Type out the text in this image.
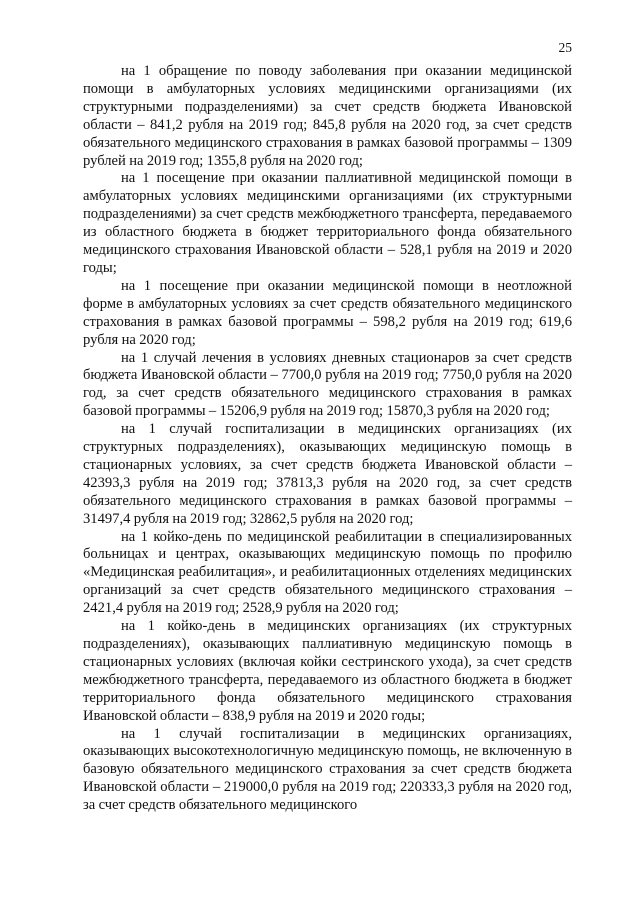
25

на 1 обращение по поводу заболевания при оказании медицинской помощи в амбулаторных условиях медицинскими организациями (их структурными подразделениями) за счет средств бюджета Ивановской области – 841,2 рубля на 2019 год; 845,8 рубля на 2020 год, за счет средств обязательного медицинского страхования в рамках базовой программы – 1309 рублей на 2019 год; 1355,8 рубля на 2020 год;

на 1 посещение при оказании паллиативной медицинской помощи в амбулаторных условиях медицинскими организациями (их структурными подразделениями) за счет средств межбюджетного трансферта, передаваемого из областного бюджета в бюджет территориального фонда обязательного медицинского страхования Ивановской области – 528,1 рубля на 2019 и 2020 годы;

на 1 посещение при оказании медицинской помощи в неотложной форме в амбулаторных условиях за счет средств обязательного медицинского страхования в рамках базовой программы – 598,2 рубля на 2019 год; 619,6 рубля на 2020 год;

на 1 случай лечения в условиях дневных стационаров за счет средств бюджета Ивановской области – 7700,0 рубля на 2019 год; 7750,0 рубля на 2020 год, за счет средств обязательного медицинского страхования в рамках базовой программы – 15206,9 рубля на 2019 год; 15870,3 рубля на 2020 год;

на 1 случай госпитализации в медицинских организациях (их структурных подразделениях), оказывающих медицинскую помощь в стационарных условиях, за счет средств бюджета Ивановской области – 42393,3 рубля на 2019 год; 37813,3 рубля на 2020 год, за счет средств обязательного медицинского страхования в рамках базовой программы – 31497,4 рубля на 2019 год; 32862,5 рубля на 2020 год;

на 1 койко-день по медицинской реабилитации в специализированных больницах и центрах, оказывающих медицинскую помощь по профилю «Медицинская реабилитация», и реабилитационных отделениях медицинских организаций за счет средств обязательного медицинского страхования – 2421,4 рубля на 2019 год; 2528,9 рубля на 2020 год;

на 1 койко-день в медицинских организациях (их структурных подразделениях), оказывающих паллиативную медицинскую помощь в стационарных условиях (включая койки сестринского ухода), за счет средств межбюджетного трансферта, передаваемого из областного бюджета в бюджет территориального фонда обязательного медицинского страхования Ивановской области – 838,9 рубля на 2019 и 2020 годы;

на 1 случай госпитализации в медицинских организациях, оказывающих высокотехнологичную медицинскую помощь, не включенную в базовую обязательного медицинского страхования за счет средств бюджета Ивановской области – 219000,0 рубля на 2019 год; 220333,3 рубля на 2020 год, за счет средств обязательного медицинского
